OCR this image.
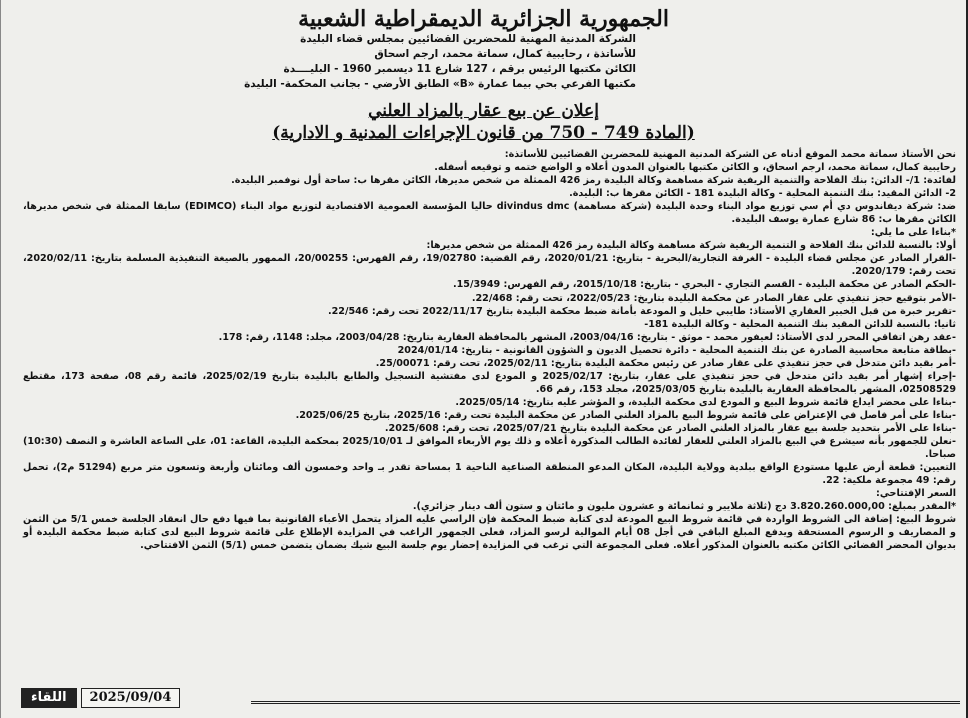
الجمهورية الجزائرية الديمقراطية الشعبية
الشركة المدنية المهنية للمحضرين القضائيين بمجلس قضاء البليدة
للأساتذة ، رحايبية كمال، سماتة محمد، ارجم اسحاق
الكائن مكتبها الرئيس برقم ، 127 شارع 11 ديسمبر 1960 - البليــــدة
مكتبها الفرعي بحي بيما عمارة «B» الطابق الأرضي - بجانب المحكمة- البليدة
إعلان عن بيع عقار بالمزاد العلني
(المادة 749 - 750 من قانون الإجراءات المدنية و الادارية)

نحن الأستاذ سماتة محمد الموقع أدناه عن الشركة المدنية المهنية للمحضرين القضائيين للأساتذة:

رحايبية كمال، سماتة محمد، ارجم اسحاق، و الكائن مكتبها بالعنوان المدون أعلاه و الواضع ختمه و توقيعه أسفله.

لفائدة: 1/- الدائن: بنك الفلاحة والتنمية الريفية شركة مساهمة وكالة البليدة رمز 426 الممثلة من شخص مديرها، الكائن مقرها ب: ساحة أول نوفمبر البليدة.

2- الدائن المقيد: بنك التنمية المحلية - وكالة البليدة 181 - الكائن مقرها ب: البليدة.

ضد: شركة ديفاندوس دي أم سي توزيع مواد البناء وحدة البليدة (شركة مساهمة) divindus dmc حاليا المؤسسة العمومية الاقتصادية لتوزيع مواد البناء (EDIMCO) سابقا الممثلة في شخص مديرها، الكائن مقرها ب: 86 شارع عمارة يوسف البليدة.

*بناءا على ما يلي:

أولا: بالنسبة للدائن بنك الفلاحة و التنمية الريفية شركة مساهمة وكالة البليدة رمز 426 الممثلة من شخص مديرها:

-القرار الصادر عن مجلس قضاء البليدة - الغرفة التجارية/البحرية - بتاريخ: 2020/01/21، رقم القضية: 19/02780، رقم الفهرس: 20/00255، الممهور بالصيغة التنفيذية المسلمة بتاريخ: 2020/02/11، تحت رقم: 2020/179.

-الحكم الصادر عن محكمة البليدة - القسم التجاري - البحري - بتاريخ: 2015/10/18، رقم الفهرس: 15/3949.

-الأمر بتوقيع حجز تنفيذي على عقار الصادر عن محكمة البليدة بتاريخ: 2022/05/23، تحت رقم: 22/468.

-تقرير خبرة من قبل الخبير العقاري الأستاذ: طايبي خليل و المودعة بأمانة ضبط محكمة البليدة بتاريخ 2022/11/17 تحت رقم: 22/546.

ثانيا: بالنسبة للدائن المقيد بنك التنمية المحلية - وكالة البليدة 181-

-عقد رهن اتفاقي المحرر لدى الأستاذ: لعيفور محمد - موثق - بتاريخ: 2003/04/16، المشهر بالمحافظة العقارية بتاريخ: 2003/04/28، مجلد: 1148، رقم: 178.

-بطاقة متابعة محاسبية الصادرة عن بنك التنمية المحلية - دائرة تحصيل الديون و الشؤون القانونية - بتاريخ: 2024/01/14

-أمر بقيد دائن متدخل في حجز تنفيذي على عقار صادر عن رئيس محكمة البليدة بتاريخ: 2025/02/11، تحت رقم: 25/00071.

-إجراء إشهار أمر بقيد دائن متدخل في حجز تنفيذي على عقار، بتاريخ: 2025/02/17 و المودع لدى مفتشية التسجيل والطابع بالبليدة بتاريخ 2025/02/19، قائمة رقم 08، صفحة 173، مقتطع 02508529، المشهر بالمحافظة العقارية بالبليدة بتاريخ 2025/03/05، مجلد 153، رقم 66.

-بناءا على محضر ايداع قائمة شروط البيع و المودع لدى محكمة البليدة، و المؤشر عليه بتاريخ: 2025/05/14.

-بناءا على أمر فاصل في الإعتراض على قائمة شروط البيع بالمزاد العلني الصادر عن محكمة البليدة تحت رقم: 2025/16، بتاريخ 2025/06/25.

-بناءا على الأمر بتحديد جلسة بيع عقار بالمزاد العلني الصادر عن محكمة البليدة بتاريخ 2025/07/21، تحت رقم: 2025/608.

-نعلن للجمهور بأنه سيشرع في البيع بالمزاد العلني للعقار لفائدة الطالب المذكورة أعلاه و ذلك يوم الأربعاء الموافق لـ 2025/10/01 بمحكمة البليدة، القاعة: 01، على الساعة العاشرة و النصف (10:30) صباحا.

التعيين: قطعة أرض عليها مستودع الواقع ببلدية وولاية البليدة، المكان المدعو المنطقة الصناعية الناحية 1 بمساحة تقدر بـ واحد وخمسون ألف ومائتان وأربعة وتسعون متر مربع (51294 م2)، تحمل رقم: 49 مجموعة ملكية: 22.

السعر الإفتتاحي:

*المقدر بمبلغ: 3.820.260.000,00 دج (ثلاثة ملايير و ثمانمائة و عشرون مليون و مائتان و ستون ألف دينار جزائري).

شروط البيع: إضافة الى الشروط الواردة في قائمة شروط البيع المودعة لدى كتابة ضبط المحكمة فإن الراسي عليه المزاد يتحمل الأعباء القانونية بما فيها دفع حال انعقاد الجلسة خمس 5/1 من الثمن و المصاريف و الرسوم المستحقة ويدفع المبلغ الباقي في أجل 08 أيام الموالية لرسو المزاد، فعلى الجمهور الراغب في المزايدة الإطلاع على قائمة شروط البيع لدى كتابة ضبط محكمة البليدة أو بديوان المحضر القضائي الكائن مكتبه بالعنوان المذكور أعلاه. فعلى المجموعة التي ترغب في المزايدة إحضار يوم جلسة البيع شيك بضمان يتضمن خمس (5/1) الثمن الافتتاحي.

اللقاء	2025/09/04
